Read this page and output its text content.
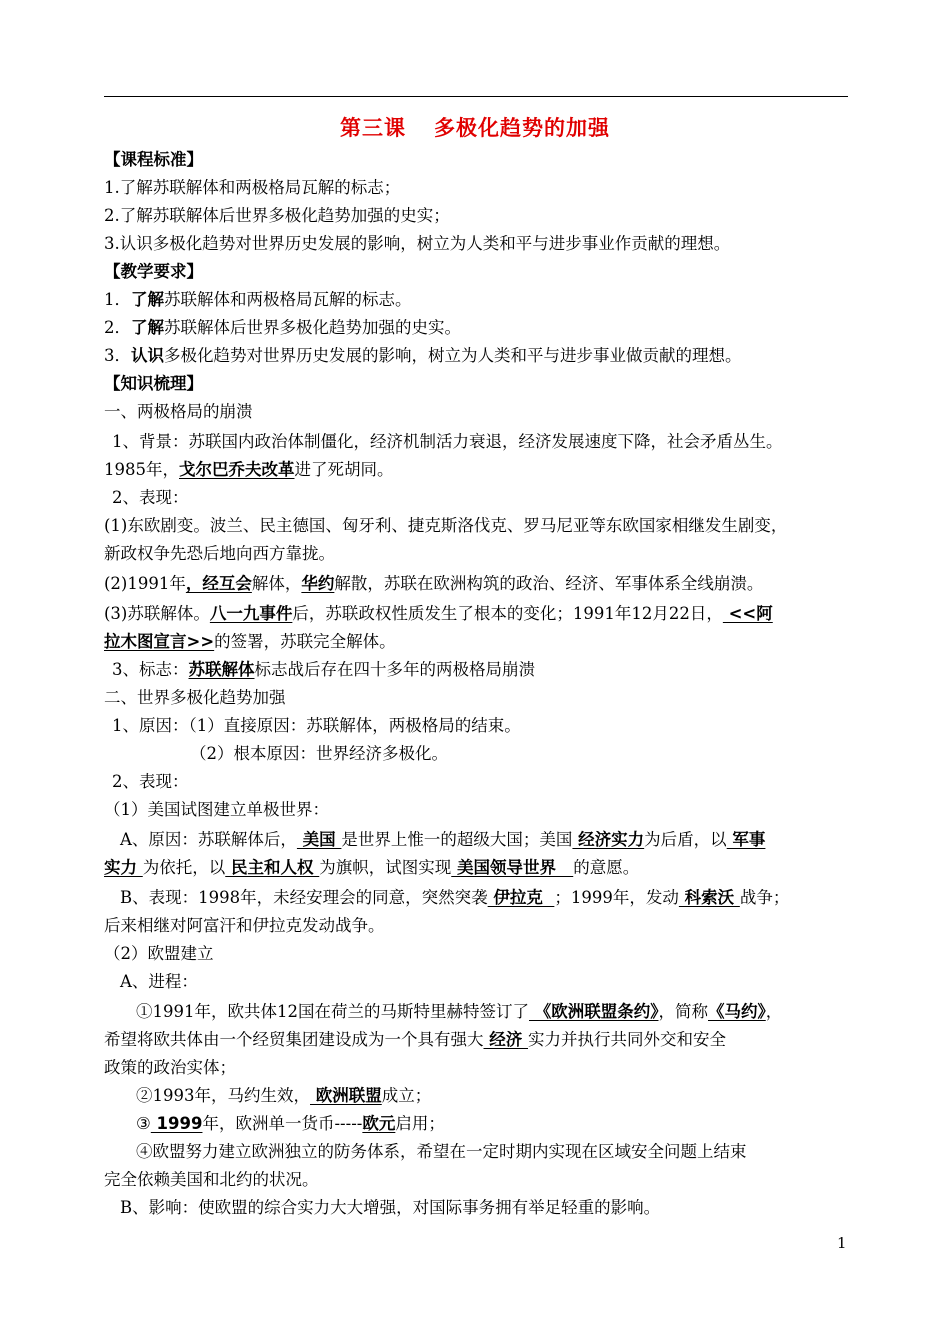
第三课 多极化趋势的加强
【课程标准】
1.了解苏联解体和两极格局瓦解的标志；
2.了解苏联解体后世界多极化趋势加强的史实；
3.认识多极化趋势对世界历史发展的影响，树立为人类和平与进步事业作贡献的理想。
【教学要求】
1．了解苏联解体和两极格局瓦解的标志。
2．了解苏联解体后世界多极化趋势加强的史实。
3．认识多极化趋势对世界历史发展的影响，树立为人类和平与进步事业做贡献的理想。
【知识梳理】
一、两极格局的崩溃
1、背景：苏联国内政治体制僵化，经济机制活力衰退，经济发展速度下降，社会矛盾丛生。
1985年，戈尔巴乔夫改革进了死胡同。
2、表现：
(1)东欧剧变。波兰、民主德国、匈牙利、捷克斯洛伐克、罗马尼亚等东欧国家相继发生剧变，
新政权争先恐后地向西方靠拢。
(2)1991年，经互会解体，华约解散，苏联在欧洲构筑的政治、经济、军事体系全线崩溃。
(3)苏联解体。八一九事件后，苏联政权性质发生了根本的变化；1991年12月22日， <<阿
拉木图宣言>>的签署，苏联完全解体。
3、标志：苏联解体标志战后存在四十多年的两极格局崩溃
二、世界多极化趋势加强
1、原因：（1）直接原因：苏联解体，两极格局的结束。
（2）根本原因：世界经济多极化。
2、表现：
（1）美国试图建立单极世界：
A、原因：苏联解体后， 美国 是世界上惟一的超级大国；美国 经济实力为后盾，以 军事
实力 为依托，以 民主和人权 为旗帜，试图实现 美国领导世界   的意愿。
B、表现：1998年，未经安理会的同意，突然突袭 伊拉克  ；1999年，发动 科索沃 战争；
后来相继对阿富汗和伊拉克发动战争。
（2）欧盟建立
A、进程：
①1991年，欧共体12国在荷兰的马斯特里赫特签订了 《欧洲联盟条约》，简称《马约》，
希望将欧共体由一个经贸集团建设成为一个具有强大 经济 实力并执行共同外交和安全
政策的政治实体；
②1993年，马约生效， 欧洲联盟成立；
③ 1999年，欧洲单一货币-----欧元启用；
④欧盟努力建立欧洲独立的防务体系，希望在一定时期内实现在区域安全问题上结束
完全依赖美国和北约的状况。
B、影响：使欧盟的综合实力大大增强，对国际事务拥有举足轻重的影响。
1
